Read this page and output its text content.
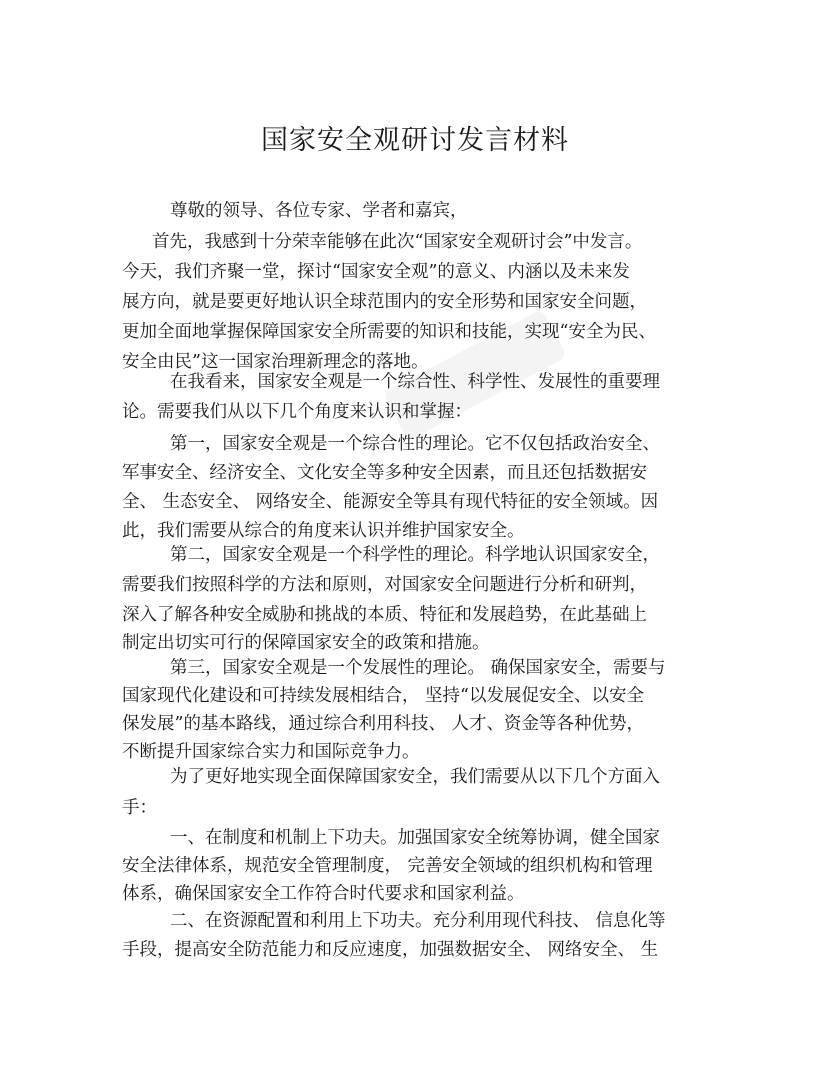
国家安全观研讨发言材料
尊敬的领导、各位专家、学者和嘉宾，
首先，我感到十分荣幸能够在此次“国家安全观研讨会”中发言。
今天，我们齐聚一堂，探讨“国家安全观”的意义、内涵以及未来发
展方向，就是要更好地认识全球范围内的安全形势和国家安全问题，
更加全面地掌握保障国家安全所需要的知识和技能，实现“安全为民、
安全由民”这一国家治理新理念的落地。
在我看来，国家安全观是一个综合性、科学性、发展性的重要理
论。需要我们从以下几个角度来认识和掌握：
第一，国家安全观是一个综合性的理论。它不仅包括政治安全、
军事安全、经济安全、文化安全等多种安全因素，而且还包括数据安
全、 生态安全、 网络安全、能源安全等具有现代特征的安全领域。因
此，我们需要从综合的角度来认识并维护国家安全。
第二，国家安全观是一个科学性的理论。科学地认识国家安全，
需要我们按照科学的方法和原则，对国家安全问题进行分析和研判，
深入了解各种安全威胁和挑战的本质、特征和发展趋势，在此基础上
制定出切实可行的保障国家安全的政策和措施。
第三，国家安全观是一个发展性的理论。 确保国家安全，需要与
国家现代化建设和可持续发展相结合， 坚持“以发展促安全、以安全
保发展”的基本路线，通过综合利用科技、 人才、资金等各种优势，
不断提升国家综合实力和国际竞争力。
为了更好地实现全面保障国家安全，我们需要从以下几个方面入
手：
一、在制度和机制上下功夫。加强国家安全统筹协调，健全国家
安全法律体系，规范安全管理制度， 完善安全领域的组织机构和管理
体系，确保国家安全工作符合时代要求和国家利益。
二、在资源配置和利用上下功夫。充分利用现代科技、 信息化等
手段，提高安全防范能力和反应速度，加强数据安全、 网络安全、 生
